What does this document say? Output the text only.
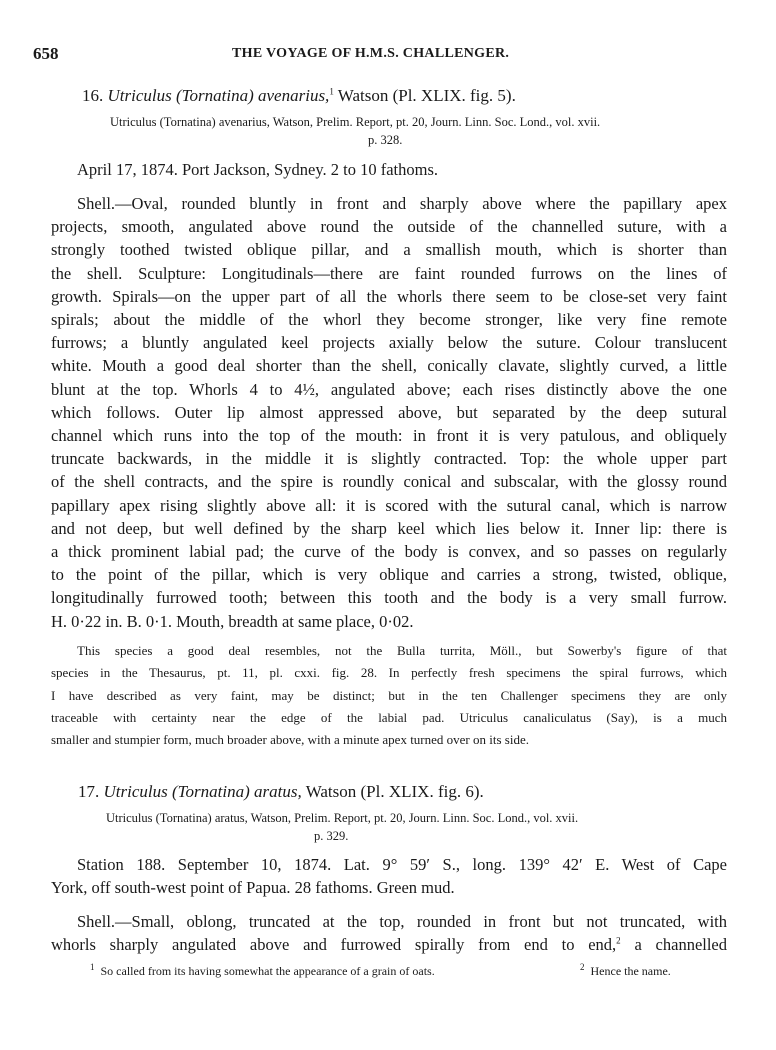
658	THE VOYAGE OF H.M.S. CHALLENGER.
16. Utriculus (Tornatina) avenarius,$^1$ Watson (Pl. XLIX. fig. 5).
Utriculus (Tornatina) avenarius, Watson, Prelim. Report, pt. 20, Journ. Linn. Soc. Lond., vol. xvii.
p. 328.
April 17, 1874. Port Jackson, Sydney. 2 to 10 fathoms.
Shell.—Oval, rounded bluntly in front and sharply above where the papillary apex
projects, smooth, angulated above round the outside of the channelled suture, with a
strongly toothed twisted oblique pillar, and a smallish mouth, which is shorter than
the shell. Sculpture: Longitudinals—there are faint rounded furrows on the lines of
growth. Spirals—on the upper part of all the whorls there seem to be close-set very faint
spirals; about the middle of the whorl they become stronger, like very fine remote
furrows; a bluntly angulated keel projects axially below the suture. Colour translucent
white. Mouth a good deal shorter than the shell, conically clavate, slightly curved, a little
blunt at the top. Whorls 4 to 4½, angulated above; each rises distinctly above the one
which follows. Outer lip almost appressed above, but separated by the deep sutural
channel which runs into the top of the mouth: in front it is very patulous, and obliquely
truncate backwards, in the middle it is slightly contracted. Top: the whole upper part
of the shell contracts, and the spire is roundly conical and subscalar, with the glossy round
papillary apex rising slightly above all: it is scored with the sutural canal, which is narrow
and not deep, but well defined by the sharp keel which lies below it. Inner lip: there is
a thick prominent labial pad; the curve of the body is convex, and so passes on regularly
to the point of the pillar, which is very oblique and carries a strong, twisted, oblique,
longitudinally furrowed tooth; between this tooth and the body is a very small furrow.
H. 0·22 in. B. 0·1. Mouth, breadth at same place, 0·02.
This species a good deal resembles, not the Bulla turrita, Möll., but Sowerby's figure of that
species in the Thesaurus, pt. 11, pl. cxxi. fig. 28. In perfectly fresh specimens the spiral furrows, which
I have described as very faint, may be distinct; but in the ten Challenger specimens they are only
traceable with certainty near the edge of the labial pad. Utriculus canaliculatus (Say), is a much
smaller and stumpier form, much broader above, with a minute apex turned over on its side.
17. Utriculus (Tornatina) aratus, Watson (Pl. XLIX. fig. 6).
Utriculus (Tornatina) aratus, Watson, Prelim. Report, pt. 20, Journ. Linn. Soc. Lond., vol. xvii.
p. 329.
Station 188. September 10, 1874. Lat. 9° 59′ S., long. 139° 42′ E. West of Cape
York, off south-west point of Papua. 28 fathoms. Green mud.
Shell.—Small, oblong, truncated at the top, rounded in front but not truncated, with
whorls sharply angulated above and furrowed spirally from end to end,$^2$ a channelled
$^1$ So called from its having somewhat the appearance of a grain of oats.	$^2$ Hence the name.
